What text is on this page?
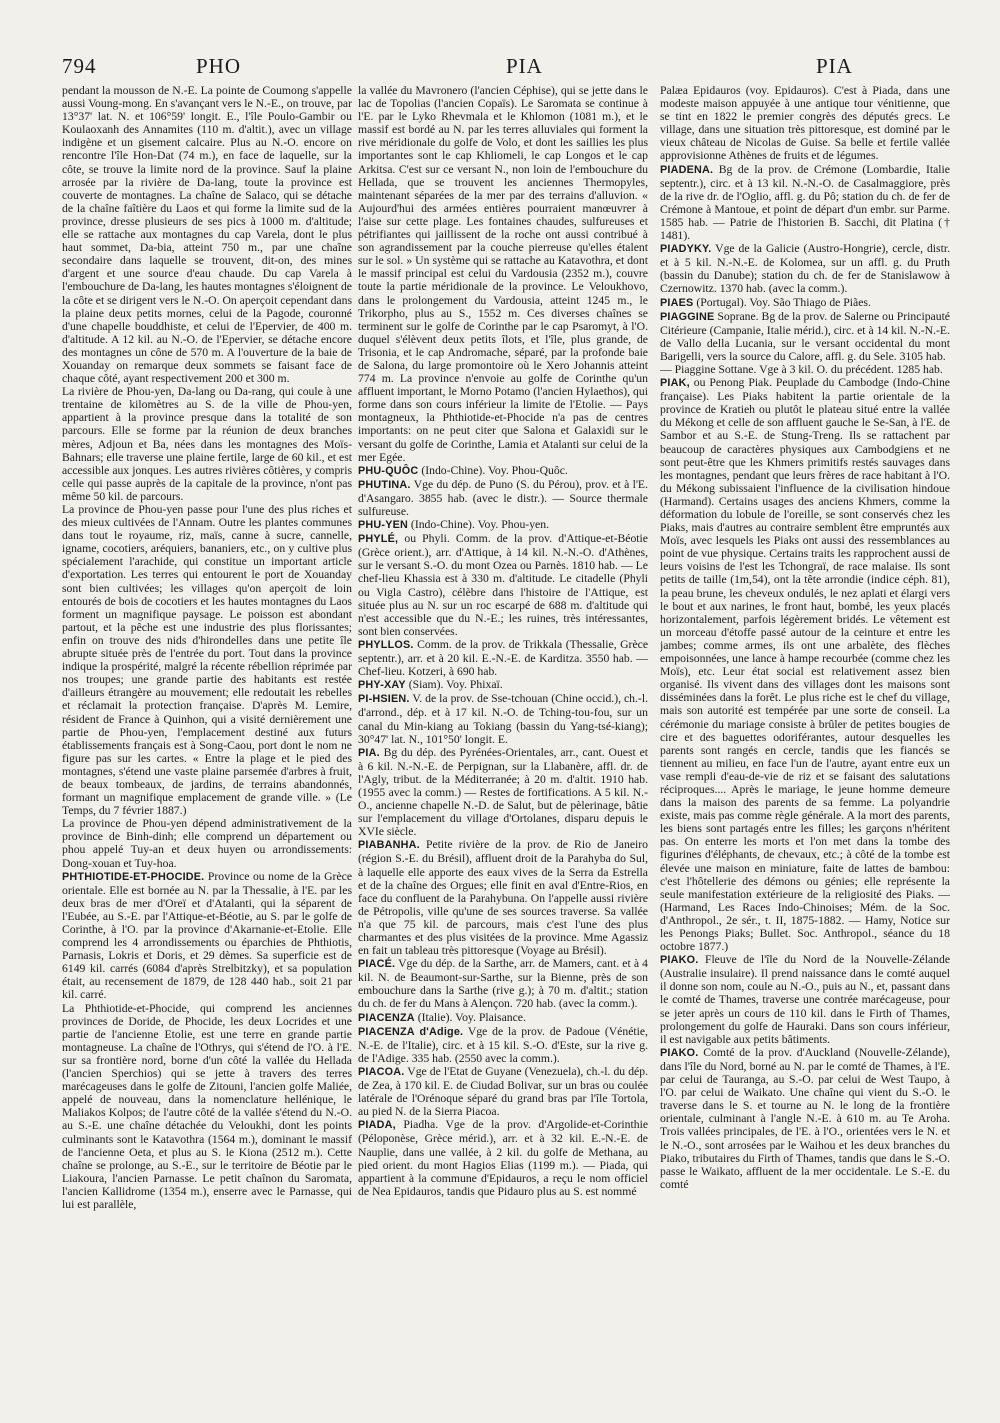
794	PHO	PIA	PIA

pendant la mousson de N.-E. La pointe de Coumong s'appelle aussi Voung-mong. En s'avançant vers le N.-E., on trouve, par 13°37' lat. N. et 106°59' longit. E., l'île Poulo-Gambir ou Koulaoxanh des Annamites (110 m. d'altit.), avec un village indigène et un gisement calcaire. Plus au N.-O. encore on rencontre l'île Hon-Dat (74 m.), en face de laquelle, sur la côte, se trouve la limite nord de la province. Sauf la plaine arrosée par la rivière de Da-lang, toute la province est couverte de montagnes. La chaîne de Salaco, qui se détache de la chaîne faîtière du Laos et qui forme la limite sud de la province, dresse plusieurs de ses pics à 1000 m. d'altitude; elle se rattache aux montagnes du cap Varela, dont le plus haut sommet, Da-bia, atteint 750 m., par une chaîne secondaire dans laquelle se trouvent, dit-on, des mines d'argent et une source d'eau chaude. Du cap Varela à l'embouchure de Da-lang, les hautes montagnes s'éloignent de la côte et se dirigent vers le N.-O. On aperçoit cependant dans la plaine deux petits mornes, celui de la Pagode, couronné d'une chapelle bouddhiste, et celui de l'Epervier, de 400 m. d'altitude. A 12 kil. au N.-O. de l'Epervier, se détache encore des montagnes un cône de 570 m. A l'ouverture de la baie de Xouanday on remarque deux sommets se faisant face de chaque côté, ayant respectivement 200 et 300 m.

La rivière de Phou-yen, Da-lang ou Da-rang, qui coule à une trentaine de kilomètres au S. de la ville de Phou-yen, appartient à la province presque dans la totalité de son parcours. Elle se forme par la réunion de deux branches mères, Adjoun et Ba, nées dans les montagnes des Moïs-Bahnars; elle traverse une plaine fertile, large de 60 kil., et est accessible aux jonques. Les autres rivières côtières, y compris celle qui passe auprès de la capitale de la province, n'ont pas même 50 kil. de parcours.

La province de Phou-yen passe pour l'une des plus riches et des mieux cultivées de l'Annam. Outre les plantes communes dans tout le royaume, riz, maïs, canne à sucre, cannelle, igname, cocotiers, aréquiers, bananiers, etc., on y cultive plus spécialement l'arachide, qui constitue un important article d'exportation. Les terres qui entourent le port de Xouanday sont bien cultivées; les villages qu'on aperçoit de loin entourés de bois de cocotiers et les hautes montagnes du Laos forment un magnifique paysage. Le poisson est abondant partout, et la pêche est une industrie des plus florissantes; enfin on trouve des nids d'hirondelles dans une petite île abrupte située près de l'entrée du port. Tout dans la province indique la prospérité, malgré la récente rébellion réprimée par nos troupes; une grande partie des habitants est restée d'ailleurs étrangère au mouvement; elle redoutait les rebelles et réclamait la protection française. D'après M. Lemire, résident de France à Quinhon, qui a visité dernièrement une partie de Phou-yen, l'emplacement destiné aux futurs établissements français est à Song-Caou, port dont le nom ne figure pas sur les cartes. « Entre la plage et le pied des montagnes, s'étend une vaste plaine parsemée d'arbres à fruit, de beaux tombeaux, de jardins, de terrains abandonnés, formant un magnifique emplacement de grande ville. » (Le Temps, du 7 février 1887.)

La province de Phou-yen dépend administrativement de la province de Binh-dinh; elle comprend un département ou phou appelé Tuy-an et deux huyen ou arrondissements: Dong-xouan et Tuy-hoa.

PHTHIOTIDE-ET-PHOCIDE. Province ou nome de la Grèce orientale. Elle est bornée au N. par la Thessalie, à l'E. par les deux bras de mer d'Oreï et d'Atalanti, qui la séparent de l'Eubée, au S.-E. par l'Attique-et-Béotie, au S. par le golfe de Corinthe, à l'O. par la province d'Akarnanie-et-Etolie. Elle comprend les 4 arrondissements ou éparchies de Phthiotis, Parnasis, Lokris et Doris, et 29 dèmes. Sa superficie est de 6149 kil. carrés (6084 d'après Strelbitzky), et sa population était, au recensement de 1879, de 128 440 hab., soit 21 par kil. carré.

La Phthiotide-et-Phocide, qui comprend les anciennes provinces de Doride, de Phocide, les deux Locrides et une partie de l'ancienne Etolie, est une terre en grande partie montagneuse. La chaîne de l'Othrys, qui s'étend de l'O. à l'E. sur sa frontière nord, borne d'un côté la vallée du Hellada (l'ancien Sperchios) qui se jette à travers des terres marécageuses dans le golfe de Zitouni, l'ancien golfe Maliée, appelé de nouveau, dans la nomenclature hellénique, le Maliakos Kolpos; de l'autre côté de la vallée s'étend du N.-O. au S.-E. une chaîne détachée du Veloukhi, dont les points culminants sont le Katavothra (1564 m.), dominant le massif de l'ancienne Oeta, et plus au S. le Kiona (2512 m.). Cette chaîne se prolonge, au S.-E., sur le territoire de Béotie par le Liakoura, l'ancien Parnasse. Le petit chaînon du Saromata, l'ancien Kallidrome (1354 m.), enserre avec le Parnasse, qui lui est parallèle,

la vallée du Mavronero (l'ancien Céphise), qui se jette dans le lac de Topolias (l'ancien Copaïs). Le Saromata se continue à l'E. par le Lyko Rhevmala et le Khlomon (1081 m.), et le massif est bordé au N. par les terres alluviales qui forment la rive méridionale du golfe de Volo, et dont les saillies les plus importantes sont le cap Khliomeli, le cap Longos et le cap Arkitsa. C'est sur ce versant N., non loin de l'embouchure du Hellada, que se trouvent les anciennes Thermopyles, maintenant séparées de la mer par des terrains d'alluvion. « Aujourd'hui des armées entières pourraient manœuvrer à l'aise sur cette plage. Les fontaines chaudes, sulfureuses et pétrifiantes qui jaillissent de la roche ont aussi contribué à son agrandissement par la couche pierreuse qu'elles étalent sur le sol. » Un système qui se rattache au Katavothra, et dont le massif principal est celui du Vardousia (2352 m.), couvre toute la partie méridionale de la province. Le Veloukhovo, dans le prolongement du Vardousia, atteint 1245 m., le Trikorpho, plus au S., 1552 m. Ces diverses chaînes se terminent sur le golfe de Corinthe par le cap Psaromyt, à l'O. duquel s'élèvent deux petits îlots, et l'île, plus grande, de Trisonia, et le cap Andromache, séparé, par la profonde baie de Salona, du large promontoire où le Xero Johannis atteint 774 m. La province n'envoie au golfe de Corinthe qu'un affluent important, le Morno Potamo (l'ancien Hylaethos), qui forme dans son cours inférieur la limite de l'Etolie. — Pays montagneux, la Phthiotide-et-Phocide n'a pas de centres importants: on ne peut citer que Salona et Galaxidi sur le versant du golfe de Corinthe, Lamia et Atalanti sur celui de la mer Egée.

PHU-QUÔC (Indo-Chine). Voy. Phou-Quôc.

PHUTINA. Vge du dép. de Puno (S. du Pérou), prov. et à l'E. d'Asangaro. 3855 hab. (avec le distr.). — Source thermale sulfureuse.

PHU-YEN (Indo-Chine). Voy. Phou-yen.

PHYLÉ, ou Phyli. Comm. de la prov. d'Attique-et-Béotie (Grèce orient.), arr. d'Attique, à 14 kil. N.-N.-O. d'Athènes, sur le versant S.-O. du mont Ozea ou Parnès. 1810 hab. — Le chef-lieu Khassia est à 330 m. d'altitude. Le citadelle (Phyli ou Vigla Castro), célèbre dans l'histoire de l'Attique, est située plus au N. sur un roc escarpé de 688 m. d'altitude qui n'est accessible que du N.-E.; les ruines, très intéressantes, sont bien conservées.

PHYLLOS. Comm. de la prov. de Trikkala (Thessalie, Grèce septentr.), arr. et à 20 kil. E.-N.-E. de Karditza. 3550 hab. — Chef-lieu. Kotzeri, à 690 hab.

PHY-XAY (Siam). Voy. Phixaï.

PI-HSIEN. V. de la prov. de Sse-tchouan (Chine occid.), ch.-l. d'arrond., dép. et à 17 kil. N.-O. de Tching-tou-fou, sur un canal du Min-kiang au Tokiang (bassin du Yang-tsé-kiang); 30°47' lat. N., 101°50' longit. E.

PIA. Bg du dép. des Pyrénées-Orientales, arr., cant. Ouest et à 6 kil. N.-N.-E. de Perpignan, sur la Llabanère, affl. dr. de l'Agly, tribut. de la Méditerranée; à 20 m. d'altit. 1910 hab. (1955 avec la comm.) — Restes de fortifications. A 5 kil. N.-O., ancienne chapelle N.-D. de Salut, but de pèlerinage, bâtie sur l'emplacement du village d'Ortolanes, disparu depuis le XVIe siècle.

PIABANHA. Petite rivière de la prov. de Rio de Janeiro (région S.-E. du Brésil), affluent droit de la Parahyba do Sul, à laquelle elle apporte des eaux vives de la Serra da Estrella et de la chaîne des Orgues; elle finit en aval d'Entre-Rios, en face du confluent de la Parahybuna. On l'appelle aussi rivière de Pétropolis, ville qu'une de ses sources traverse. Sa vallée n'a que 75 kil. de parcours, mais c'est l'une des plus charmantes et des plus visitées de la province. Mme Agassiz en fait un tableau très pittoresque (Voyage au Brésil).

PIACÉ. Vge du dép. de la Sarthe, arr. de Mamers, cant. et à 4 kil. N. de Beaumont-sur-Sarthe, sur la Bienne, près de son embouchure dans la Sarthe (rive g.); à 70 m. d'altit.; station du ch. de fer du Mans à Alençon. 720 hab. (avec la comm.).

PIACENZA (Italie). Voy. Plaisance.

PIACENZA d'Adige. Vge de la prov. de Padoue (Vénétie, N.-E. de l'Italie), circ. et à 15 kil. S.-O. d'Este, sur la rive g. de l'Adige. 335 hab. (2550 avec la comm.).

PIACOA. Vge de l'Etat de Guyane (Venezuela), ch.-l. du dép. de Zea, à 170 kil. E. de Ciudad Bolivar, sur un bras ou coulée latérale de l'Orénoque séparé du grand bras par l'île Tortola, au pied N. de la Sierra Piacoa.

PIADA, Piadha. Vge de la prov. d'Argolide-et-Corinthie (Péloponèse, Grèce mérid.), arr. et à 32 kil. E.-N.-E. de Nauplie, dans une vallée, à 2 kil. du golfe de Methana, au pied orient. du mont Hagios Elias (1199 m.). — Piada, qui appartient à la commune d'Epidauros, a reçu le nom officiel de Nea Epidauros, tandis que Pidauro plus au S. est nommé

Palæa Epidauros (voy. Epidauros). C'est à Piada, dans une modeste maison appuyée à une antique tour vénitienne, que se tint en 1822 le premier congrès des députés grecs. Le village, dans une situation très pittoresque, est dominé par le vieux château de Nicolas de Guise. Sa belle et fertile vallée approvisionne Athènes de fruits et de légumes.

PIADENA. Bg de la prov. de Crémone (Lombardie, Italie septentr.), circ. et à 13 kil. N.-N.-O. de Casalmaggiore, près de la rive dr. de l'Oglio, affl. g. du Pô; station du ch. de fer de Crémone à Mantoue, et point de départ d'un embr. sur Parme. 1585 hab. — Patrie de l'historien B. Sacchi, dit Platina († 1481).

PIADYKY. Vge de la Galicie (Austro-Hongrie), cercle, distr. et à 5 kil. N.-N.-E. de Kolomea, sur un affl. g. du Pruth (bassin du Danube); station du ch. de fer de Stanislawow à Czernowitz. 1370 hab. (avec la comm.).

PIAES (Portugal). Voy. São Thiago de Piães.

PIAGGINE Soprane. Bg de la prov. de Salerne ou Principauté Citérieure (Campanie, Italie mérid.), circ. et à 14 kil. N.-N.-E. de Vallo della Lucania, sur le versant occidental du mont Barigelli, vers la source du Calore, affl. g. du Sele. 3105 hab.

— Piaggine Sottane. Vge à 3 kil. O. du précédent. 1285 hab.

PIAK, ou Penong Piak. Peuplade du Cambodge (Indo-Chine française). Les Piaks habitent la partie orientale de la province de Kratieh ou plutôt le plateau situé entre la vallée du Mékong et celle de son affluent gauche le Se-San, à l'E. de Sambor et au S.-E. de Stung-Treng. Ils se rattachent par beaucoup de caractères physiques aux Cambodgiens et ne sont peut-être que les Khmers primitifs restés sauvages dans les montagnes, pendant que leurs frères de race habitant à l'O. du Mékong subissaient l'influence de la civilisation hindoue (Harmand). Certains usages des anciens Khmers, comme la déformation du lobule de l'oreille, se sont conservés chez les Piaks, mais d'autres au contraire semblent être empruntés aux Moïs, avec lesquels les Piaks ont aussi des ressemblances au point de vue physique. Certains traits les rapprochent aussi de leurs voisins de l'est les Tchongraï, de race malaise. Ils sont petits de taille (1m,54), ont la tête arrondie (indice céph. 81), la peau brune, les cheveux ondulés, le nez aplati et élargi vers le bout et aux narines, le front haut, bombé, les yeux placés horizontalement, parfois légèrement bridés. Le vêtement est un morceau d'étoffe passé autour de la ceinture et entre les jambes; comme armes, ils ont une arbalète, des flèches empoisonnées, une lance à hampe recourbée (comme chez les Moïs), etc. Leur état social est relativement assez bien organisé. Ils vivent dans des villages dont les maisons sont disséminées dans la forêt. Le plus riche est le chef du village, mais son autorité est tempérée par une sorte de conseil. La cérémonie du mariage consiste à brûler de petites bougies de cire et des baguettes odoriférantes, autour desquelles les parents sont rangés en cercle, tandis que les fiancés se tiennent au milieu, en face l'un de l'autre, ayant entre eux un vase rempli d'eau-de-vie de riz et se faisant des salutations réciproques.... Après le mariage, le jeune homme demeure dans la maison des parents de sa femme. La polyandrie existe, mais pas comme règle générale. A la mort des parents, les biens sont partagés entre les filles; les garçons n'héritent pas. On enterre les morts et l'on met dans la tombe des figurines d'éléphants, de chevaux, etc.; à côté de la tombe est élevée une maison en miniature, faite de lattes de bambou: c'est l'hôtellerie des démons ou génies; elle représente la seule manifestation extérieure de la religiosité des Piaks. — (Harmand, Les Races Indo-Chinoises; Mém. de la Soc. d'Anthropol., 2e sér., t. II, 1875-1882. — Hamy, Notice sur les Penongs Piaks; Bullet. Soc. Anthropol., séance du 18 octobre 1877.)

PIAKO. Fleuve de l'île du Nord de la Nouvelle-Zélande (Australie insulaire). Il prend naissance dans le comté auquel il donne son nom, coule au N.-O., puis au N., et, passant dans le comté de Thames, traverse une contrée marécageuse, pour se jeter après un cours de 110 kil. dans le Firth of Thames, prolongement du golfe de Hauraki. Dans son cours inférieur, il est navigable aux petits bâtiments.

PIAKO. Comté de la prov. d'Auckland (Nouvelle-Zélande), dans l'île du Nord, borné au N. par le comté de Thames, à l'E. par celui de Tauranga, au S.-O. par celui de West Taupo, à l'O. par celui de Waikato. Une chaîne qui vient du S.-O. le traverse dans le S. et tourne au N. le long de la frontière orientale, culminant à l'angle N.-E. à 610 m. au Te Aroha. Trois vallées principales, de l'E. à l'O., orientées vers le N. et le N.-O., sont arrosées par le Waihou et les deux branches du Piako, tributaires du Firth of Thames, tandis que dans le S.-O. passe le Waikato, affluent de la mer occidentale. Le S.-E. du comté
